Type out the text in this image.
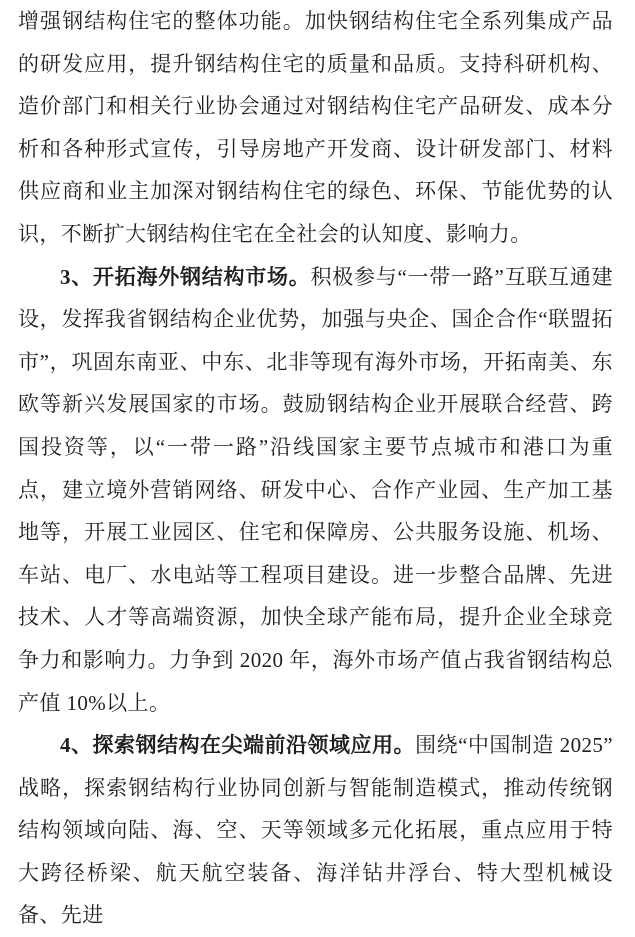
增强钢结构住宅的整体功能。加快钢结构住宅全系列集成产品的研发应用，提升钢结构住宅的质量和品质。支持科研机构、造价部门和相关行业协会通过对钢结构住宅产品研发、成本分析和各种形式宣传，引导房地产开发商、设计研发部门、材料供应商和业主加深对钢结构住宅的绿色、环保、节能优势的认识，不断扩大钢结构住宅在全社会的认知度、影响力。

3、开拓海外钢结构市场。积极参与“一带一路”互联互通建设，发挥我省钢结构企业优势，加强与央企、国企合作“联盟拓市”，巩固东南亚、中东、北非等现有海外市场，开拓南美、东欧等新兴发展国家的市场。鼓励钢结构企业开展联合经营、跨国投资等，以“一带一路”沿线国家主要节点城市和港口为重点，建立境外营销网络、研发中心、合作产业园、生产加工基地等，开展工业园区、住宅和保障房、公共服务设施、机场、车站、电厂、水电站等工程项目建设。进一步整合品牌、先进技术、人才等高端资源，加快全球产能布局，提升企业全球竞争力和影响力。力争到 2020 年，海外市场产值占我省钢结构总产值 10%以上。

4、探索钢结构在尖端前沿领域应用。围绕“中国制造 2025”战略，探索钢结构行业协同创新与智能制造模式，推动传统钢结构领域向陆、海、空、天等领域多元化拓展，重点应用于特大跨径桥梁、航天航空装备、海洋钻井浮台、特大型机械设备、先进
